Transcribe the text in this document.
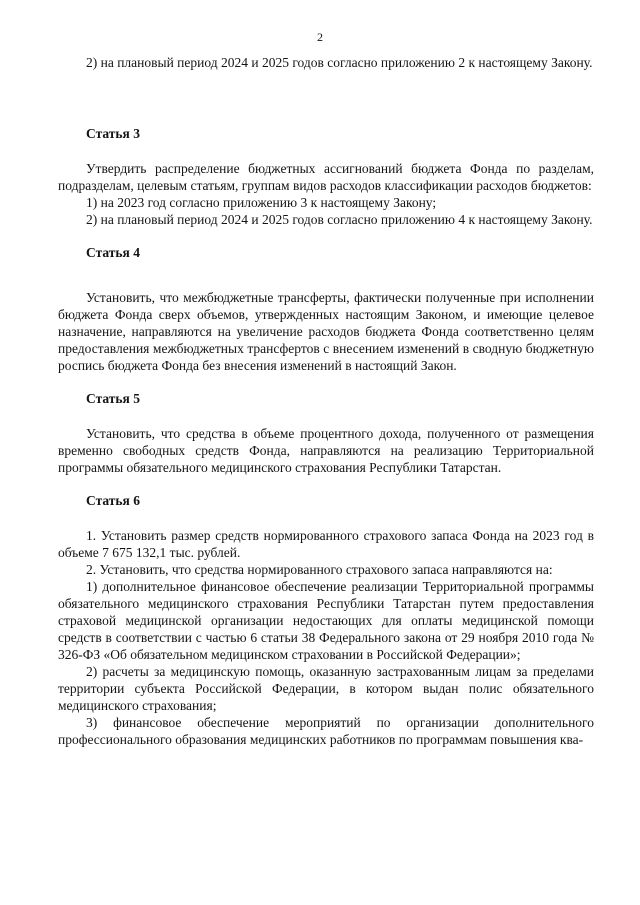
2

2) на плановый период 2024 и 2025 годов согласно приложению 2 к настоящему Закону.

Статья 3

Утвердить распределение бюджетных ассигнований бюджета Фонда по разделам, подразделам, целевым статьям, группам видов расходов классификации расходов бюджетов:

1) на 2023 год согласно приложению 3 к настоящему Закону;

2) на плановый период 2024 и 2025 годов согласно приложению 4 к настоящему Закону.

Статья 4

Установить, что межбюджетные трансферты, фактически полученные при исполнении бюджета Фонда сверх объемов, утвержденных настоящим Законом, и имеющие целевое назначение, направляются на увеличение расходов бюджета Фонда соответственно целям предоставления межбюджетных трансфертов с внесением изменений в сводную бюджетную роспись бюджета Фонда без внесения изменений в настоящий Закон.

Статья 5

Установить, что средства в объеме процентного дохода, полученного от размещения временно свободных средств Фонда, направляются на реализацию Территориальной программы обязательного медицинского страхования Республики Татарстан.

Статья 6

1. Установить размер средств нормированного страхового запаса Фонда на 2023 год в объеме 7 675 132,1 тыс. рублей.

2. Установить, что средства нормированного страхового запаса направляются на:

1) дополнительное финансовое обеспечение реализации Территориальной программы обязательного медицинского страхования Республики Татарстан путем предоставления страховой медицинской организации недостающих для оплаты медицинской помощи средств в соответствии с частью 6 статьи 38 Федерального закона от 29 ноября 2010 года № 326-ФЗ «Об обязательном медицинском страховании в Российской Федерации»;

2) расчеты за медицинскую помощь, оказанную застрахованным лицам за пределами территории субъекта Российской Федерации, в котором выдан полис обязательного медицинского страхования;

3) финансовое обеспечение мероприятий по организации дополнительного профессионального образования медицинских работников по программам повышения ква-
